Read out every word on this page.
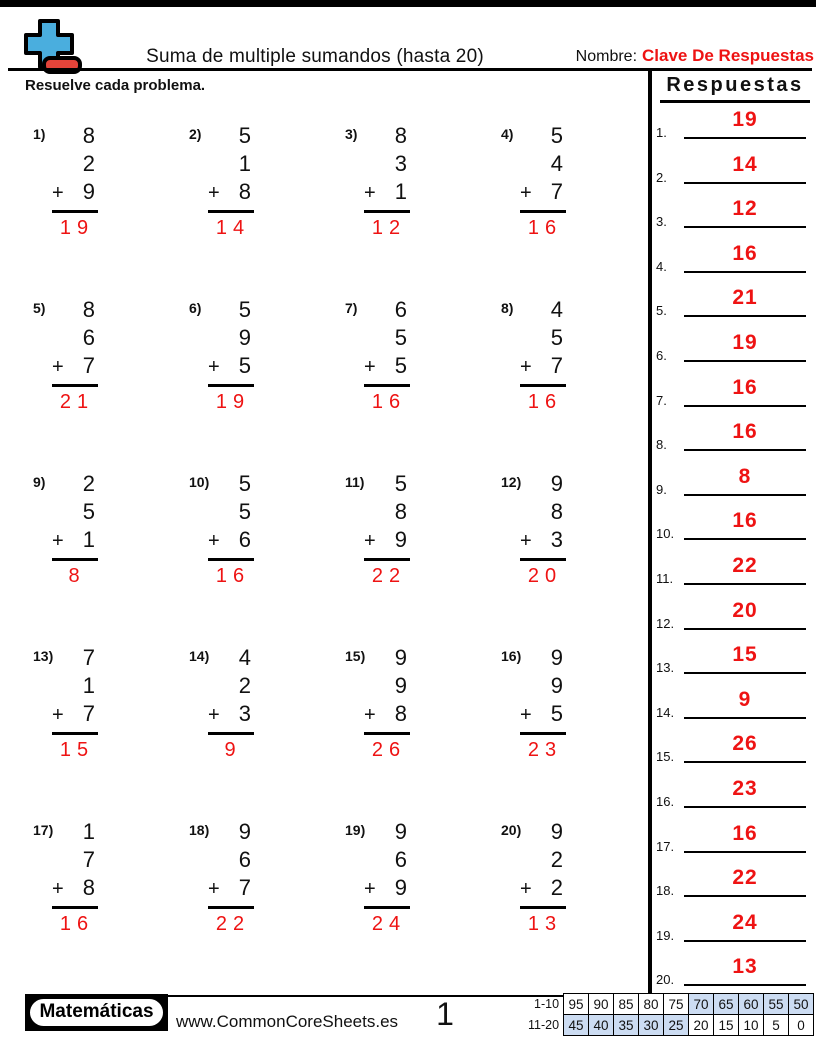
Suma de multiple sumandos (hasta 20)	Nombre: Clave De Respuestas
Resuelve cada problema.
1)	8
2
+ 9
19
2)	5
1
+ 8
14
3)	8
3
+ 1
12
4)	5
4
+ 7
16
5)	8
6
+ 7
21
6)	5
9
+ 5
19
7)	6
5
+ 5
16
8)	4
5
+ 7
16
9)	2
5
+ 1
8
10)	5
5
+ 6
16
11)	5
8
+ 9
22
12)	9
8
+ 3
20
13)	7
1
+ 7
15
14)	4
2
+ 3
9
15)	9
9
+ 8
26
16)	9
9
+ 5
23
17)	1
7
+ 8
16
18)	9
6
+ 7
22
19)	9
6
+ 9
24
20)	9
2
+ 2
13
Respuestas
1.
19
2.
14
3.
12
4.
16
5.
21
6.
19
7.
16
8.
16
9.
8
10.
16
11.
22
12.
20
13.
15
14.
9
15.
26
16.
23
17.
16
18.
22
19.
24
20.
13
Matemáticas	www.CommonCoreSheets.es	1	1-10	95	90	85	80	75	70	65	60	55	50
11-20	45	40	35	30	25	20	15	10	5	0
